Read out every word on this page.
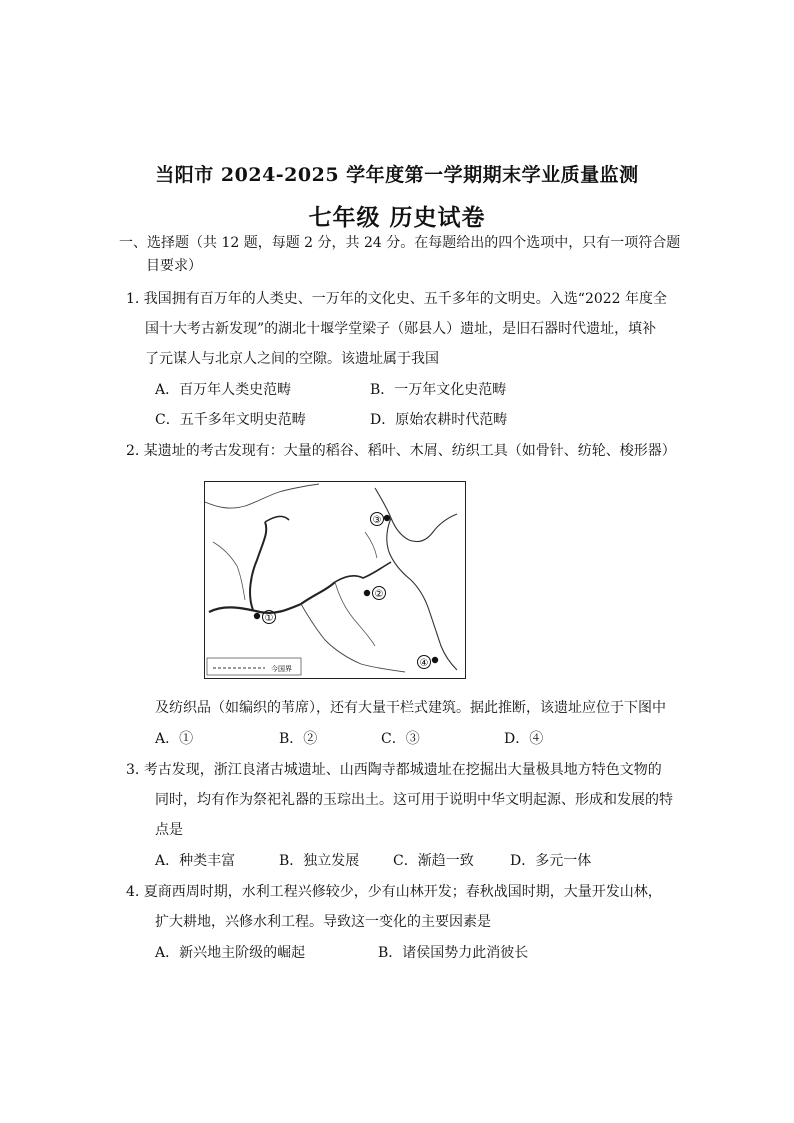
当阳市 2024-2025 学年度第一学期期末学业质量监测
七年级 历史试卷
一、选择题（共 12 题，每题 2 分，共 24 分。在每题给出的四个选项中，只有一项符合题
目要求）
1. 我国拥有百万年的人类史、一万年的文化史、五千多年的文明史。入选“2022 年度全
国十大考古新发现”的湖北十堰学堂梁子（郧县人）遗址，是旧石器时代遗址，填补
了元谋人与北京人之间的空隙。该遗址属于我国
A．百万年人类史范畴	B．一万年文化史范畴
C．五千多年文明史范畴	D．原始农耕时代范畴
2. 某遗址的考古发现有：大量的稻谷、稻叶、木屑、纺织工具（如骨针、纺轮、梭形器）
③
②
①
④
今国界
及纺织品（如编织的苇席），还有大量干栏式建筑。据此推断，该遗址应位于下图中
A．①	B．②	C．③	D．④
3. 考古发现，浙江良渚古城遗址、山西陶寺都城遗址在挖掘出大量极具地方特色文物的
同时，均有作为祭祀礼器的玉琮出土。这可用于说明中华文明起源、形成和发展的特
点是
A．种类丰富	B．独立发展 C．渐趋一致	D．多元一体
4. 夏商西周时期，水利工程兴修较少，少有山林开发；春秋战国时期，大量开发山林，
扩大耕地，兴修水利工程。导致这一变化的主要因素是
A．新兴地主阶级的崛起	B．诸侯国势力此消彼长
